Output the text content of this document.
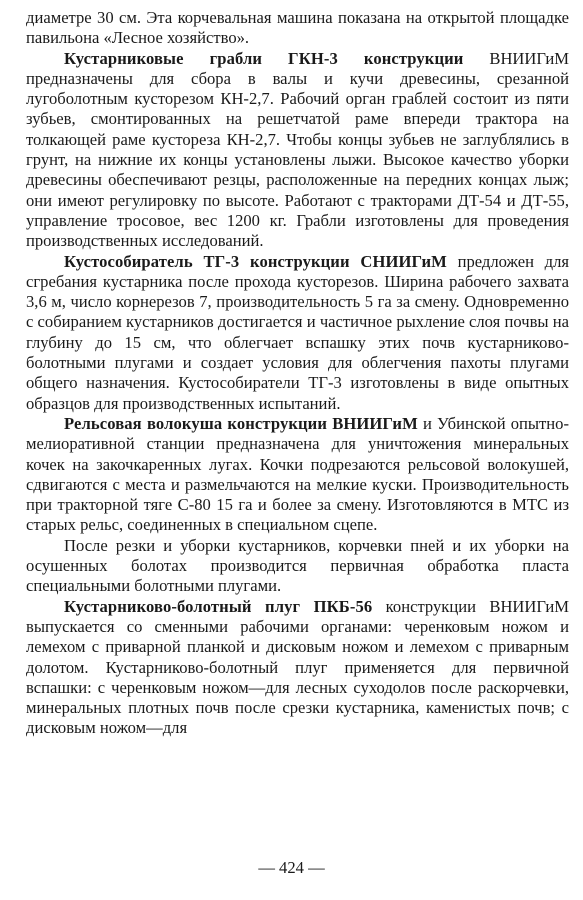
диаметре 30 см. Эта корчевальная машина показана на открытой площадке павильона «Лесное хозяйство».

Кустарниковые грабли ГКН-3 конструкции ВНИИГиМ предназначены для сбора в валы и кучи древесины, срезанной лугоболотным кусторезом КН-2,7. Рабочий орган граблей состоит из пяти зубьев, смонтированных на решетчатой раме впереди трактора на толкающей раме кустореза КН-2,7. Чтобы концы зубьев не заглублялись в грунт, на нижние их концы установлены лыжи. Высокое качество уборки древесины обеспечивают резцы, расположенные на передних концах лыж; они имеют регулировку по высоте. Работают с тракторами ДТ-54 и ДТ-55, управление тросовое, вес 1200 кг. Грабли изготовлены для проведения производственных исследований.

Кустособиратель ТГ-3 конструкции СНИИГиМ предложен для сгребания кустарника после прохода кусторезов. Ширина рабочего захвата 3,6 м, число корнерезов 7, производительность 5 га за смену. Одновременно с собиранием кустарников достигается и частичное рыхление слоя почвы на глубину до 15 см, что облегчает вспашку этих почв кустарниково-болотными плугами и создает условия для облегчения пахоты плугами общего назначения. Кустособиратели ТГ-3 изготовлены в виде опытных образцов для производственных испытаний.

Рельсовая волокуша конструкции ВНИИГиМ и Убинской опытно-мелиоративной станции предназначена для уничтожения минеральных кочек на закочкаренных лугах. Кочки подрезаются рельсовой волокушей, сдвигаются с места и размельчаются на мелкие куски. Производительность при тракторной тяге С-80 15 га и более за смену. Изготовляются в МТС из старых рельс, соединенных в специальном сцепе.

После резки и уборки кустарников, корчевки пней и их уборки на осушенных болотах производится первичная обработка пласта специальными болотными плугами.

Кустарниково-болотный плуг ПКБ-56 конструкции ВНИИГиМ выпускается со сменными рабочими органами: черенковым ножом и лемехом с приварной планкой и дисковым ножом и лемехом с приварным долотом. Кустарниково-болотный плуг применяется для первичной вспашки: с черенковым ножом—для лесных суходолов после раскорчевки, минеральных плотных почв после срезки кустарника, каменистых почв; с дисковым ножом—для

— 424 —
